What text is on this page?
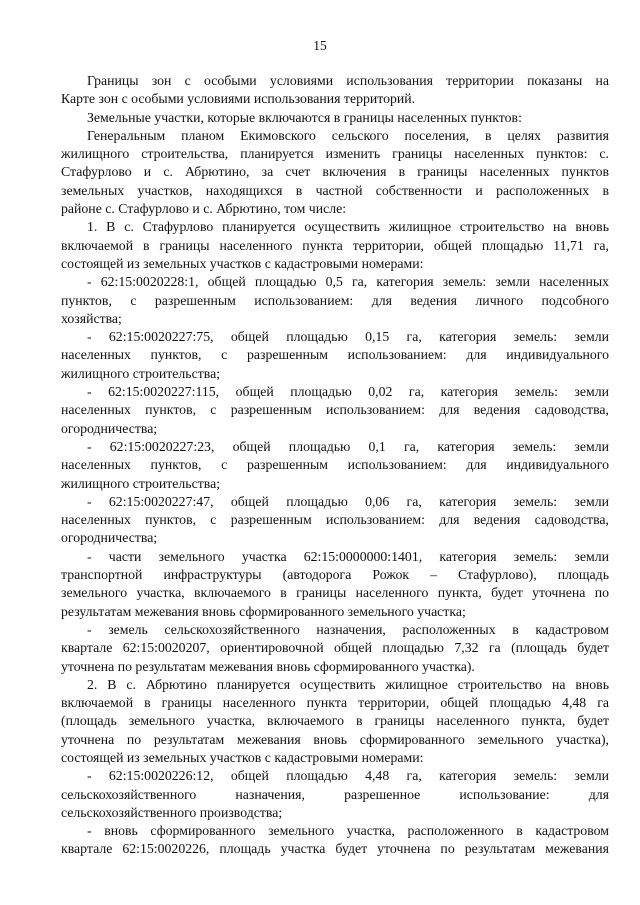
15
Границы зон с особыми условиями использования территории показаны на
Карте зон с особыми условиями использования территорий.
Земельные участки, которые включаются в границы населенных пунктов:
Генеральным планом Екимовского сельского поселения, в целях развития
жилищного строительства, планируется изменить границы населенных пунктов: с.
Стафурлово и с. Абрютино, за счет включения в границы населенных пунктов
земельных участков, находящихся в частной собственности и расположенных в
районе с. Стафурлово и с. Абрютино, том числе:
1. В с. Стафурлово планируется осуществить жилищное строительство на вновь
включаемой в границы населенного пункта территории, общей площадью 11,71 га,
состоящей из земельных участков с кадастровыми номерами:
- 62:15:0020228:1, общей площадью 0,5 га, категория земель: земли населенных
пунктов, с разрешенным использованием: для ведения личного подсобного
хозяйства;
- 62:15:0020227:75, общей площадью 0,15 га, категория земель: земли
населенных пунктов, с разрешенным использованием: для индивидуального
жилищного строительства;
- 62:15:0020227:115, общей площадью 0,02 га, категория земель: земли
населенных пунктов, с разрешенным использованием: для ведения садоводства,
огородничества;
- 62:15:0020227:23, общей площадью 0,1 га, категория земель: земли
населенных пунктов, с разрешенным использованием: для индивидуального
жилищного строительства;
- 62:15:0020227:47, общей площадью 0,06 га, категория земель: земли
населенных пунктов, с разрешенным использованием: для ведения садоводства,
огородничества;
- части земельного участка 62:15:0000000:1401, категория земель: земли
транспортной инфраструктуры (автодорога Рожок – Стафурлово), площадь
земельного участка, включаемого в границы населенного пункта, будет уточнена по
результатам межевания вновь сформированного земельного участка;
- земель сельскохозяйственного назначения, расположенных в кадастровом
квартале 62:15:0020207, ориентировочной общей площадью 7,32 га (площадь будет
уточнена по результатам межевания вновь сформированного участка).
2. В с. Абрютино планируется осуществить жилищное строительство на вновь
включаемой в границы населенного пункта территории, общей площадью 4,48 га
(площадь земельного участка, включаемого в границы населенного пункта, будет
уточнена по результатам межевания вновь сформированного земельного участка),
состоящей из земельных участков с кадастровыми номерами:
- 62:15:0020226:12, общей площадью 4,48 га, категория земель: земли
сельскохозяйственного назначения, разрешенное использование: для
сельскохозяйственного производства;
- вновь сформированного земельного участка, расположенного в кадастровом
квартале 62:15:0020226, площадь участка будет уточнена по результатам межевания
